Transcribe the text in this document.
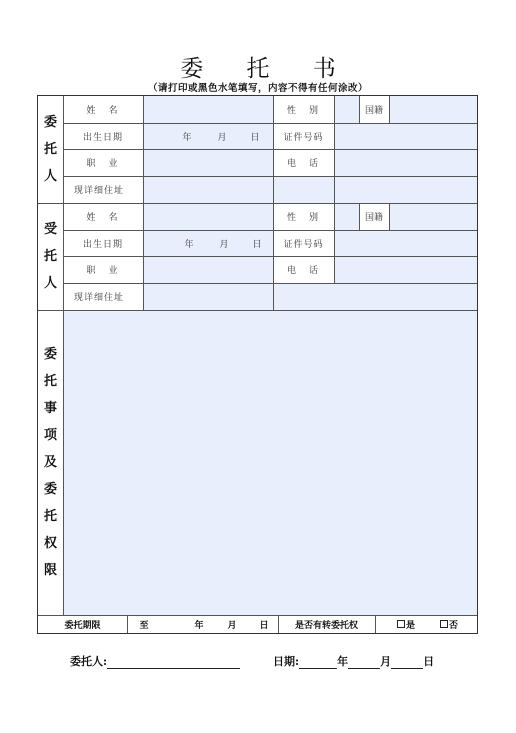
委 托 书
（请打印或黑色水笔填写，内容不得有任何涂改）
委
托
人
姓　名	性　别	国籍
出生日期	年	月	日	证件号码
职　业	电　话
现详细住址
受
托
人
姓　名	性　别	国籍
出生日期	年	月	日	证件号码
职　业	电　话
现详细住址
委
托
事
项
及
委
托
权
限
委托期限	至	年	月	日	是否有转委托权	是	否
委托人:	日期:	年	月	日
